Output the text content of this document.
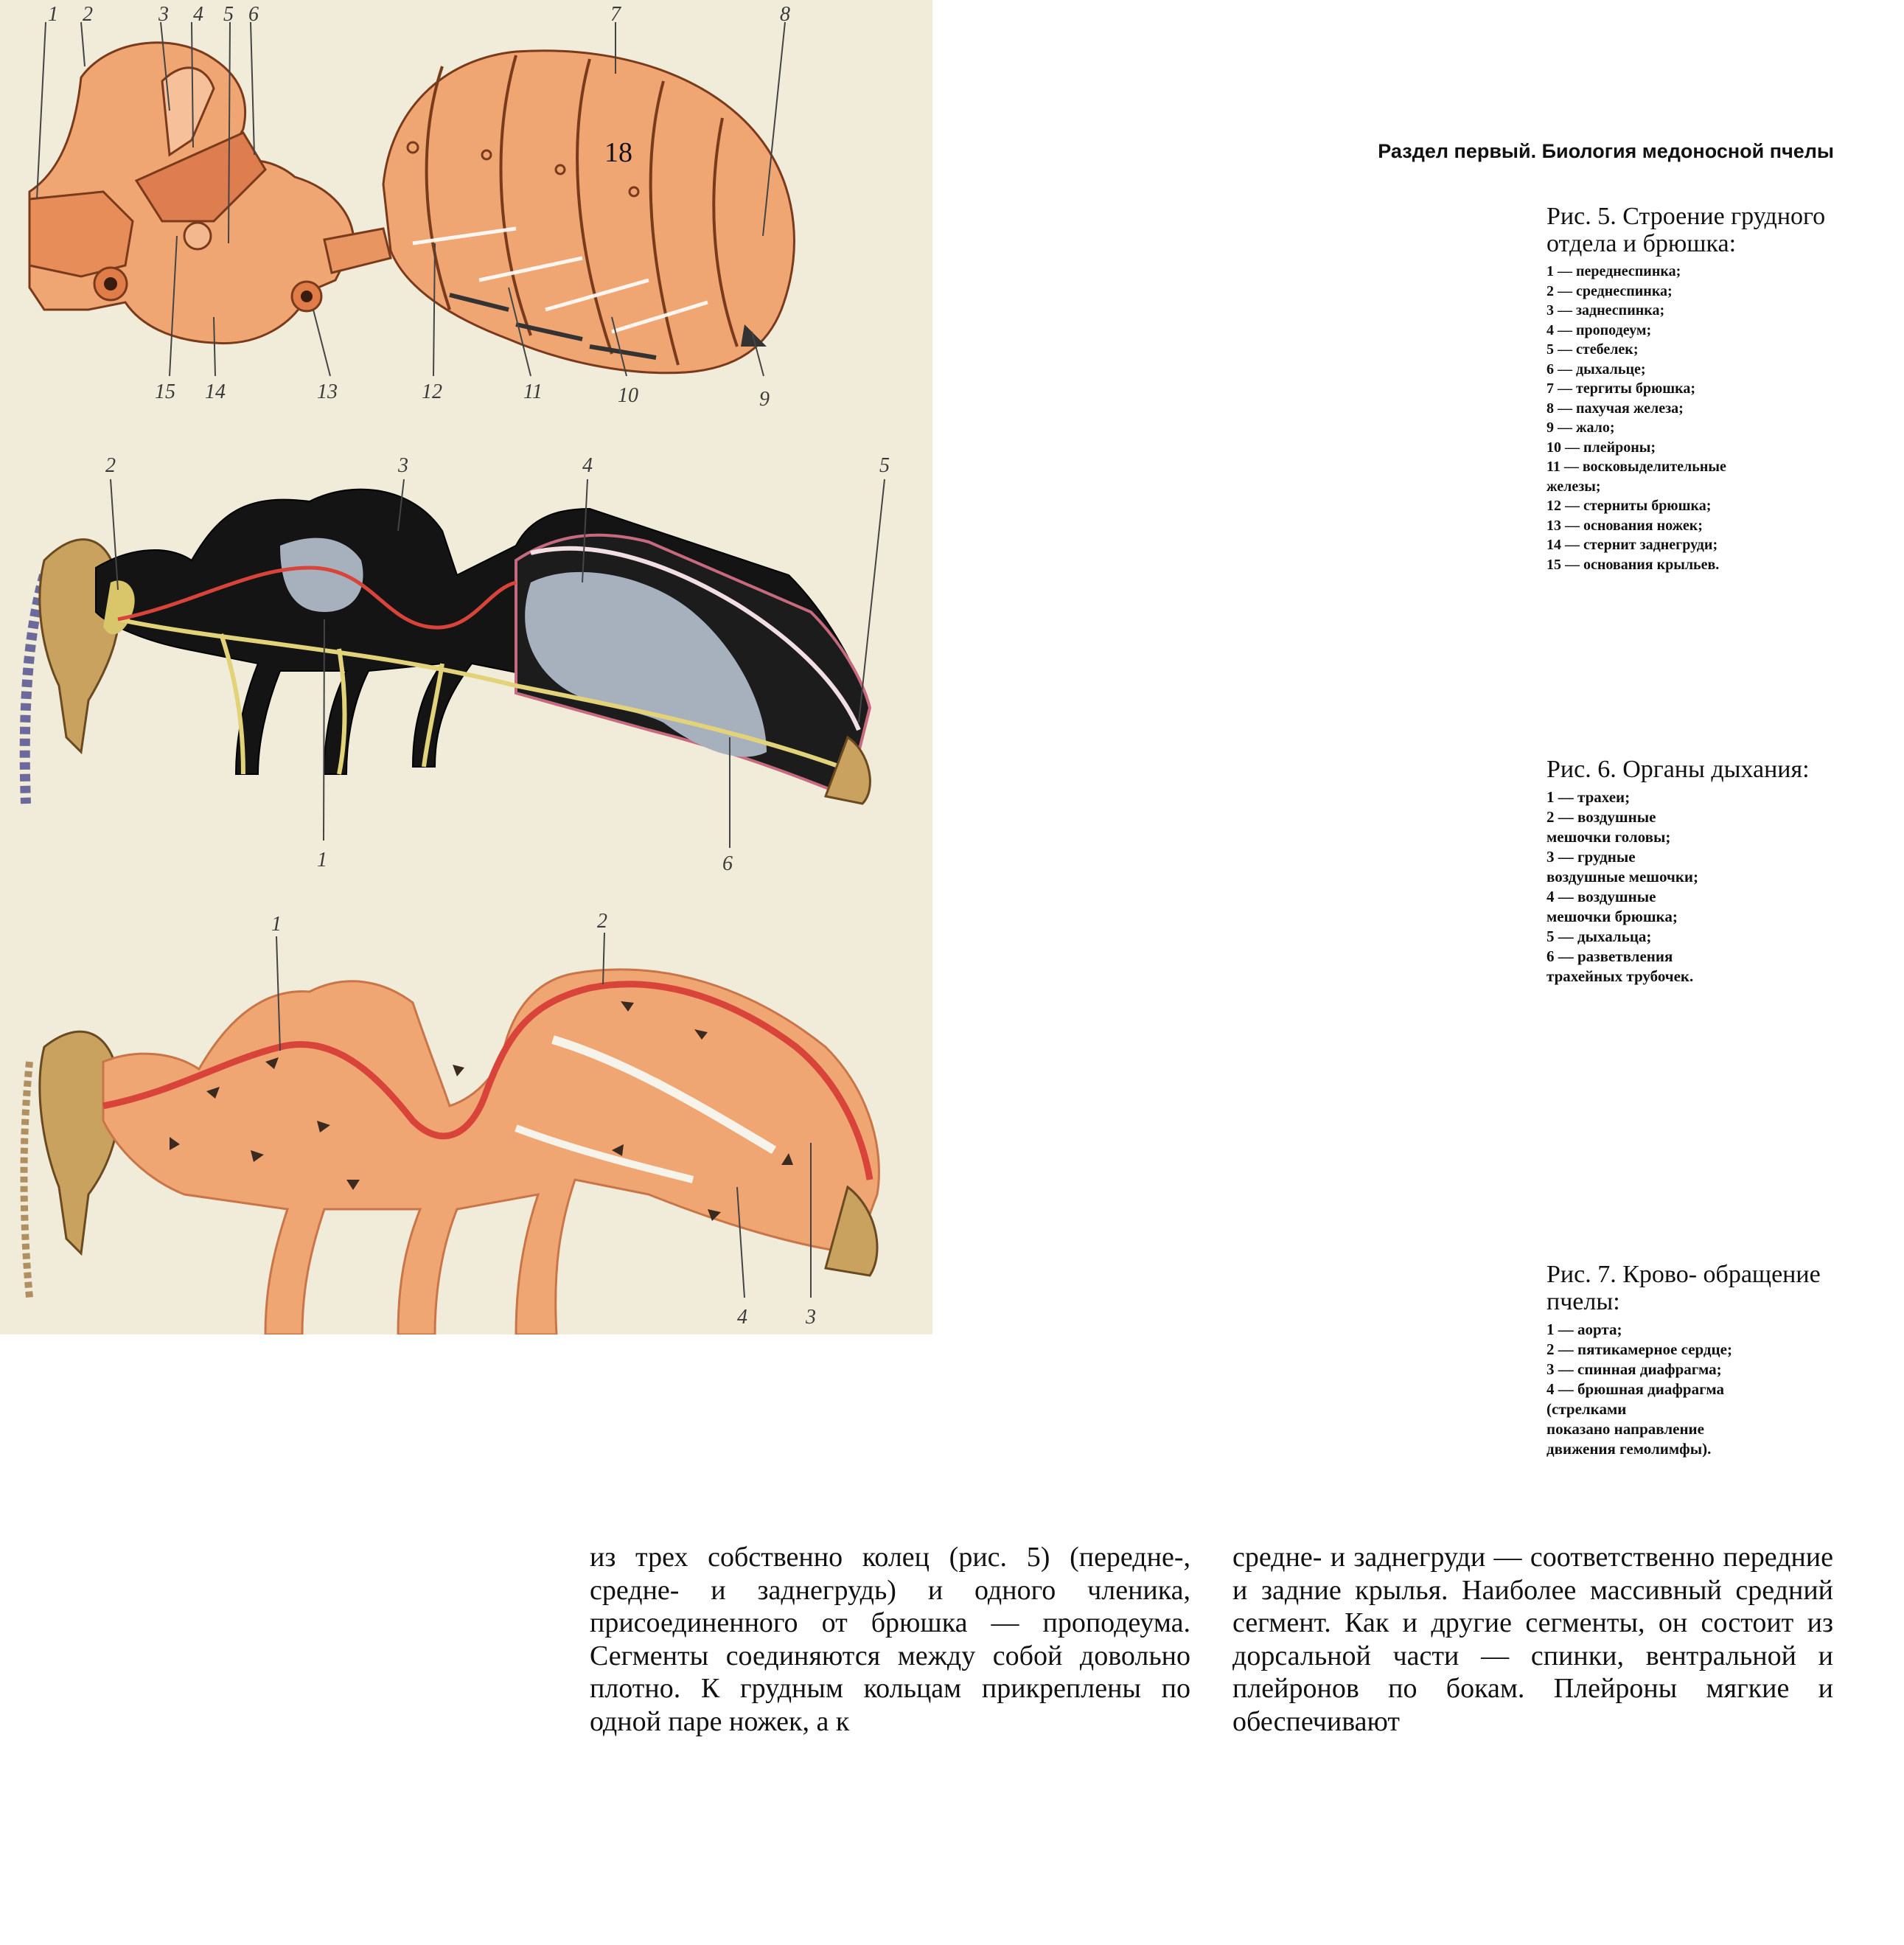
18	Раздел первый. Биология медоносной пчелы
1 2	3 4 5 6	7	8
15 14	13	12	11	10	9
2	3	4	5
1	6
1	2
4	3

Рис. 5. Строение грудного отдела и брюшка:

1 — переднеспинка;
2 — среднеспинка;
3 — заднеспинка;
4 — проподеум;
5 — стебелек;
6 — дыхальце;
7 — тергиты брюшка;
8 — пахучая железа;
9 — жало;
10 — плейроны;
11 — восковыделительные
железы;
12 — стерниты брюшка;
13 — основания ножек;
14 — стернит заднегруди;
15 — основания крыльев.

Рис. 6. Органы дыхания:

1 — трахеи;
2 — воздушные
мешочки головы;
3 — грудные
воздушные мешочки;
4 — воздушные
мешочки брюшка;
5 — дыхальца;
6 — разветвления
трахейных трубочек.

Рис. 7. Крово- обращение пчелы:

1 — аорта;
2 — пятикамерное сердце;
3 — спинная диафрагма;
4 — брюшная диафрагма
(стрелками
показано направление
движения гемолимфы).

из трех собственно колец (рис. 5) (передне-, средне- и заднегрудь) и одного членика, присоединенного от брюшка — проподеума. Сегменты соединяются между собой довольно плотно. К грудным кольцам прикреплены по одной паре ножек, а к

средне- и заднегруди — соответственно передние и задние крылья. Наиболее массивный средний сегмент. Как и другие сегменты, он состоит из дорсальной части — спинки, вентральной и плейронов по бокам. Плейроны мягкие и обеспечивают
